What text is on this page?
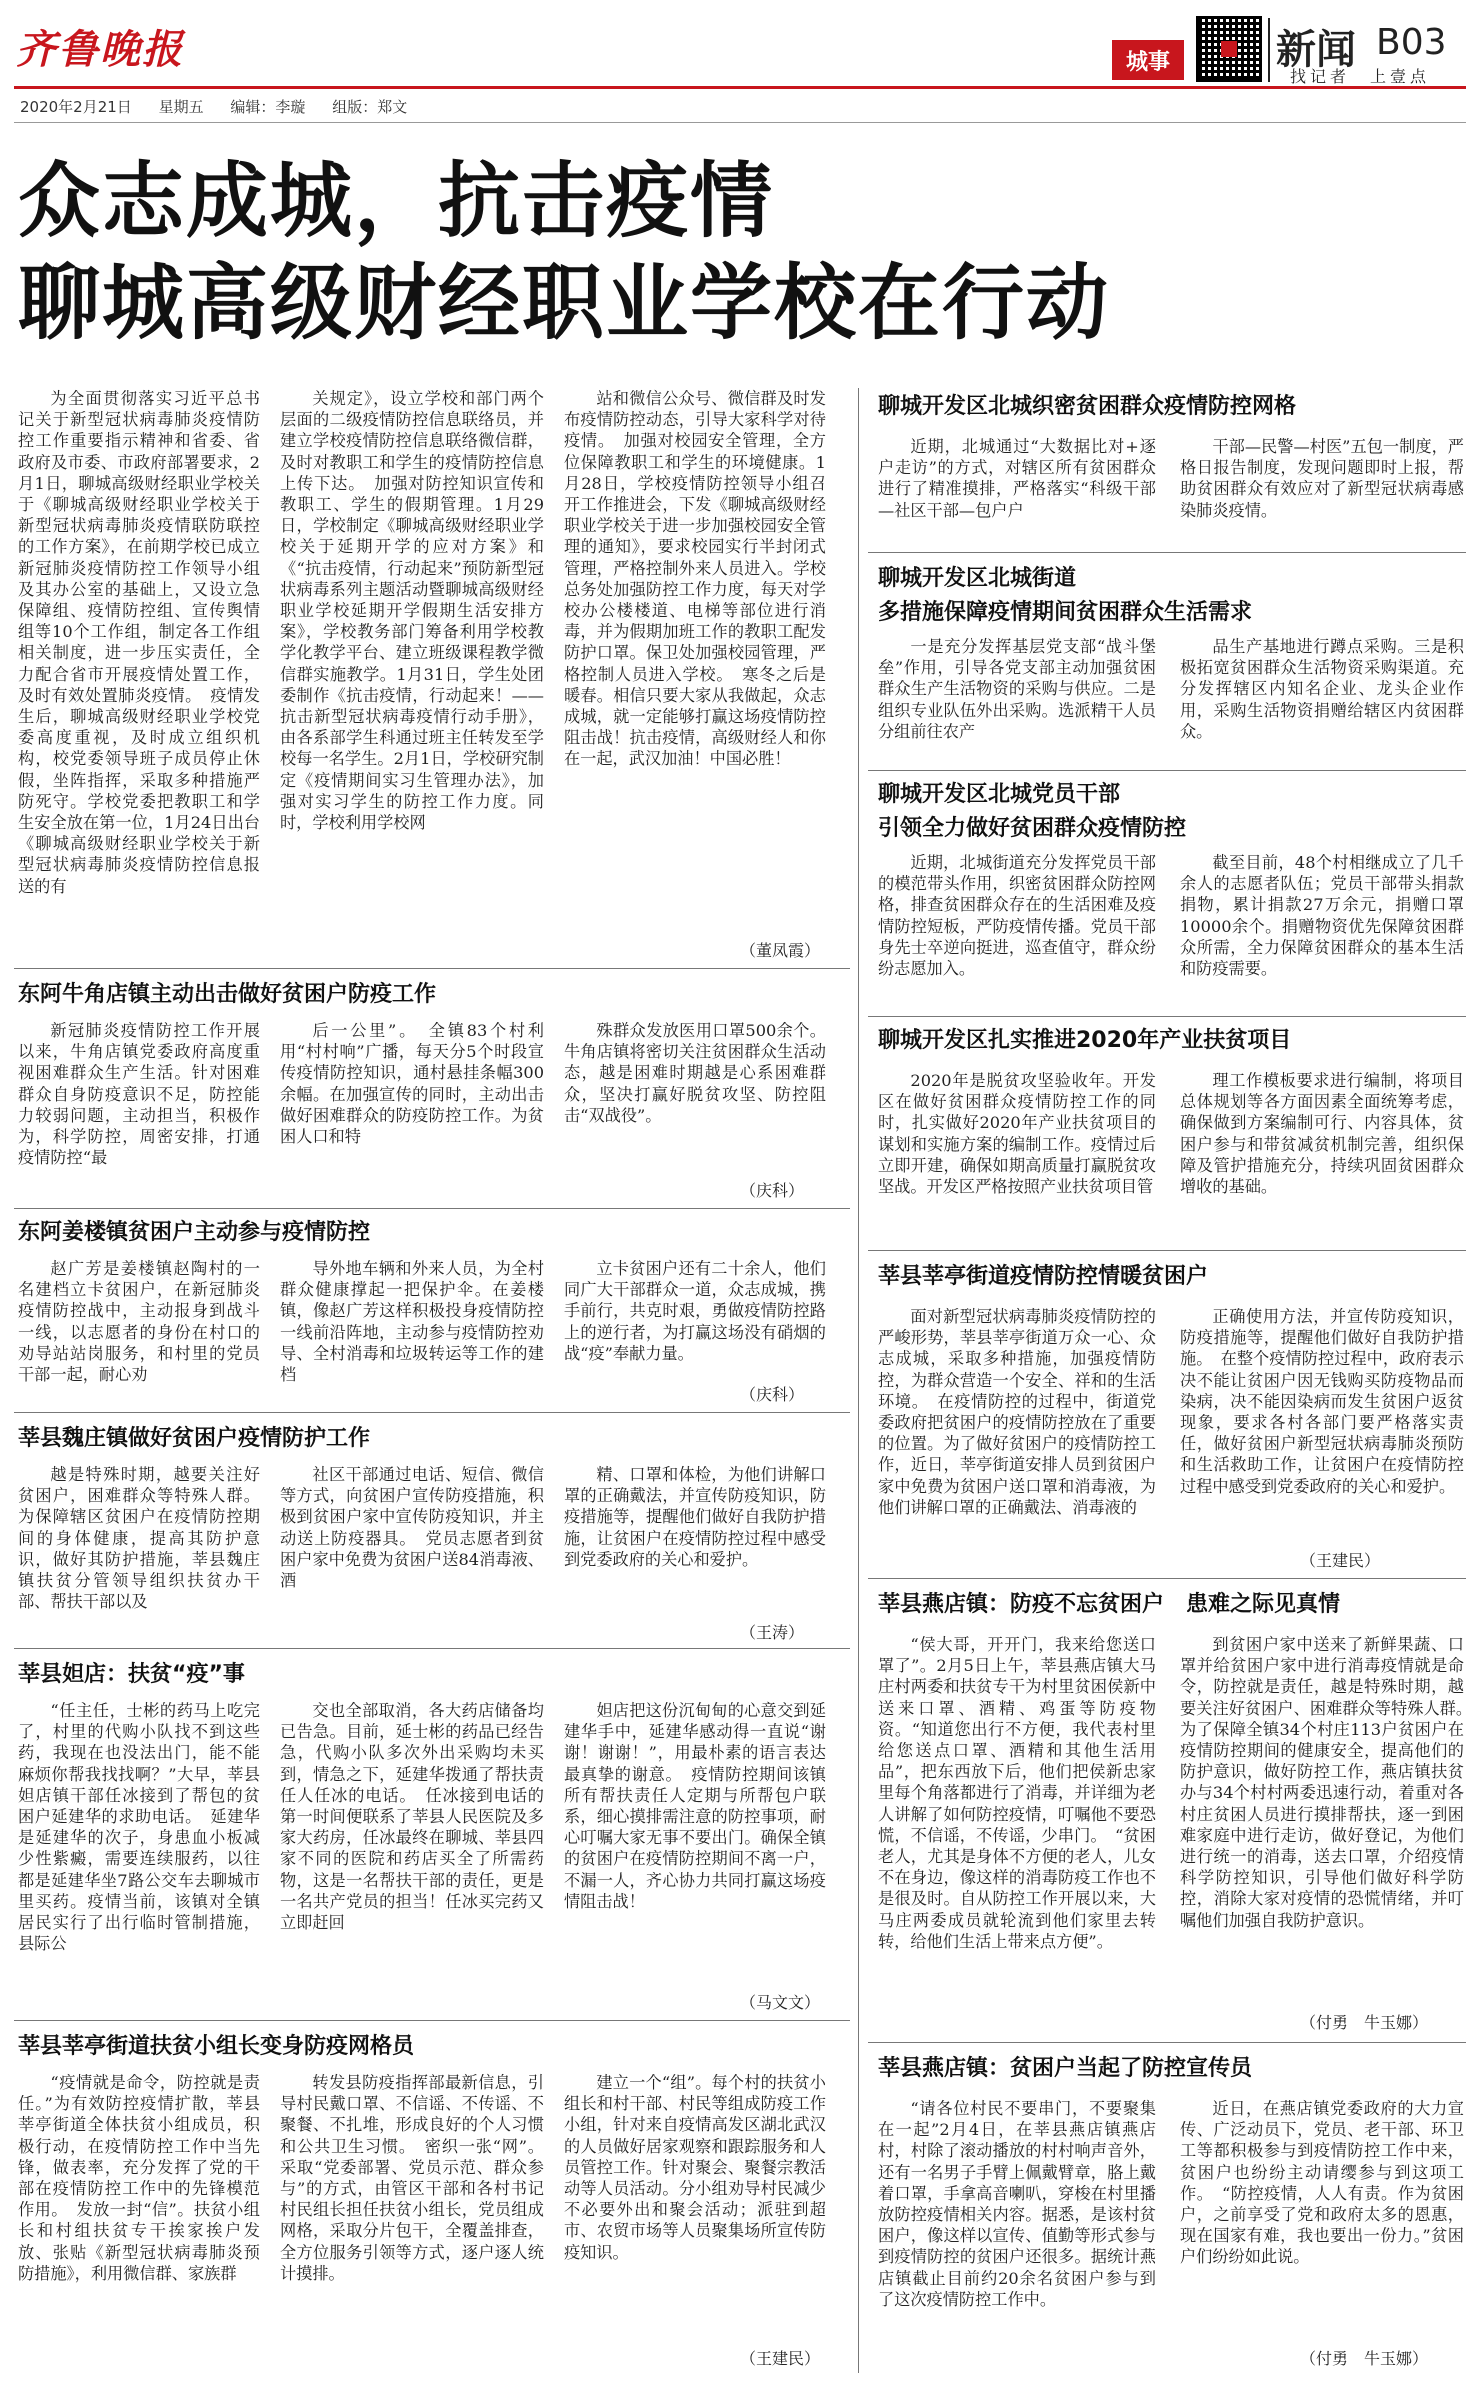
齐鲁晚报	城事	新闻 B03
找记者　上壹点
2020年2月21日 星期五 编辑：李璇 组版：郑文
众志成城，抗击疫情
聊城高级财经职业学校在行动

为全面贯彻落实习近平总书记关于新型冠状病毒肺炎疫情防控工作重要指示精神和省委、省政府及市委、市政府部署要求，2月1日，聊城高级财经职业学校关于《聊城高级财经职业学校关于新型冠状病毒肺炎疫情联防联控的工作方案》，在前期学校已成立新冠肺炎疫情防控工作领导小组及其办公室的基础上，又设立急保障组、疫情防控组、宣传舆情组等10个工作组，制定各工作组相关制度，进一步压实责任，全力配合省市开展疫情处置工作，及时有效处置肺炎疫情。　疫情发生后，聊城高级财经职业学校党委高度重视，及时成立组织机构，校党委领导班子成员停止休假，坐阵指挥，采取多种措施严防死守。学校党委把教职工和学生安全放在第一位，1月24日出台《聊城高级财经职业学校关于新型冠状病毒肺炎疫情防控信息报送的有

关规定》，设立学校和部门两个层面的二级疫情防控信息联络员，并建立学校疫情防控信息联络微信群，及时对教职工和学生的疫情防控信息上传下达。　加强对防控知识宣传和教职工、学生的假期管理。1月29日，学校制定《聊城高级财经职业学校关于延期开学的应对方案》和《“抗击疫情，行动起来”预防新型冠状病毒系列主题活动暨聊城高级财经职业学校延期开学假期生活安排方案》，学校教务部门筹备利用学校教学化教学平台、建立班级课程教学微信群实施教学。1月31日，学生处团委制作《抗击疫情，行动起来！——抗击新型冠状病毒疫情行动手册》，由各系部学生科通过班主任转发至学校每一名学生。2月1日，学校研究制定《疫情期间实习生管理办法》，加强对实习学生的防控工作力度。同时，学校利用学校网

站和微信公众号、微信群及时发布疫情防控动态，引导大家科学对待疫情。　加强对校园安全管理，全方位保障教职工和学生的环境健康。1月28日，学校疫情防控领导小组召开工作推进会，下发《聊城高级财经职业学校关于进一步加强校园安全管理的通知》，要求校园实行半封闭式管理，严格控制外来人员进入。学校总务处加强防控工作力度，每天对学校办公楼楼道、电梯等部位进行消毒，并为假期加班工作的教职工配发防护口罩。保卫处加强校园管理，严格控制人员进入学校。　寒冬之后是暖春。相信只要大家从我做起，众志成城，就一定能够打赢这场疫情防控阻击战！抗击疫情，高级财经人和你在一起，武汉加油！中国必胜！

（董凤霞）
东阿牛角店镇主动出击做好贫困户防疫工作

新冠肺炎疫情防控工作开展以来，牛角店镇党委政府高度重视困难群众生产生活。针对困难群众自身防疫意识不足，防控能力较弱问题，主动担当，积极作为，科学防控，周密安排，打通疫情防控“最

后一公里”。　全镇83个村利用“村村响”广播，每天分5个时段宣传疫情防控知识，通村悬挂条幅300余幅。在加强宣传的同时，主动出击做好困难群众的防疫防控工作。为贫困人口和特

殊群众发放医用口罩500余个。牛角店镇将密切关注贫困群众生活动态，越是困难时期越是心系困难群众，坚决打赢好脱贫攻坚、防控阻击“双战役”。

（庆科）
东阿姜楼镇贫困户主动参与疫情防控

赵广芳是姜楼镇赵陶村的一名建档立卡贫困户，在新冠肺炎疫情防控战中，主动报身到战斗一线，以志愿者的身份在村口的劝导站站岗服务，和村里的党员干部一起，耐心劝

导外地车辆和外来人员，为全村群众健康撑起一把保护伞。在姜楼镇，像赵广芳这样积极投身疫情防控一线前沿阵地，主动参与疫情防控劝导、全村消毒和垃圾转运等工作的建档

立卡贫困户还有二十余人，他们同广大干部群众一道，众志成城，携手前行，共克时艰，勇做疫情防控路上的逆行者，为打赢这场没有硝烟的战“疫”奉献力量。

（庆科）
莘县魏庄镇做好贫困户疫情防护工作

越是特殊时期，越要关注好贫困户，困难群众等特殊人群。为保障辖区贫困户在疫情防控期间的身体健康，提高其防护意识，做好其防护措施，莘县魏庄镇扶贫分管领导组织扶贫办干部、帮扶干部以及

社区干部通过电话、短信、微信等方式，向贫困户宣传防疫措施，积极到贫困户家中宣传防疫知识，并主动送上防疫器具。　党员志愿者到贫困户家中免费为贫困户送84消毒液、酒

精、口罩和体检，为他们讲解口罩的正确戴法，并宣传防疫知识，防疫措施等，提醒他们做好自我防护措施，让贫困户在疫情防控过程中感受到党委政府的关心和爱护。

（王涛）
莘县妲店：扶贫“疫”事

“任主任，士彬的药马上吃完了，村里的代购小队找不到这些药，我现在也没法出门，能不能麻烦你帮我找找啊？”大早，莘县妲店镇干部任冰接到了帮包的贫困户延建华的求助电话。　延建华是延建华的次子，身患血小板减少性紫癜，需要连续服药，以往都是延建华坐7路公交车去聊城市里买药。疫情当前，该镇对全镇居民实行了出行临时管制措施，县际公

交也全部取消，各大药店储备均已告急。目前，延士彬的药品已经告急，代购小队多次外出采购均未买到，情急之下，延建华拨通了帮扶责任人任冰的电话。　任冰接到电话的第一时间便联系了莘县人民医院及多家大药房，任冰最终在聊城、莘县四家不同的医院和药店买全了所需药物，这是一名帮扶干部的责任，更是一名共产党员的担当！任冰买完药又立即赶回

妲店把这份沉甸甸的心意交到延建华手中，延建华感动得一直说“谢谢！谢谢！”，用最朴素的语言表达最真挚的谢意。　疫情防控期间该镇所有帮扶责任人定期与所帮包户联系，细心摸排需注意的防控事项，耐心叮嘱大家无事不要出门。确保全镇的贫困户在疫情防控期间不离一户，不漏一人，齐心协力共同打赢这场疫情阻击战！

（马文文）
莘县莘亭街道扶贫小组长变身防疫网格员

“疫情就是命令，防控就是责任。”为有效防控疫情扩散，莘县莘亭街道全体扶贫小组成员，积极行动，在疫情防控工作中当先锋，做表率，充分发挥了党的干部在疫情防控工作中的先锋模范作用。　发放一封“信”。扶贫小组长和村组扶贫专干挨家挨户发放、张贴《新型冠状病毒肺炎预防措施》，利用微信群、家族群

转发县防疫指挥部最新信息，引导村民戴口罩、不信谣、不传谣、不聚餐、不扎堆，形成良好的个人习惯和公共卫生习惯。　密织一张“网”。采取“党委部署、党员示范、群众参与”的方式，由管区干部和各村书记村民组长担任扶贫小组长，党员组成网格，采取分片包干，全覆盖排查，全方位服务引领等方式，逐户逐人统计摸排。

建立一个“组”。每个村的扶贫小组长和村干部、村民等组成防疫工作小组，针对来自疫情高发区湖北武汉的人员做好居家观察和跟踪服务和人员管控工作。针对聚会、聚餐宗教活动等人员活动。分小组劝导村民减少不必要外出和聚会活动；派驻到超市、农贸市场等人员聚集场所宣传防疫知识。

（王建民）
聊城开发区北城织密贫困群众疫情防控网格

近期，北城通过“大数据比对+逐户走访”的方式，对辖区所有贫困群众进行了精准摸排，严格落实“科级干部—社区干部—包户户

干部—民警—村医”五包一制度，严格日报告制度，发现问题即时上报，帮助贫困群众有效应对了新型冠状病毒感染肺炎疫情。

聊城开发区北城街道
多措施保障疫情期间贫困群众生活需求

一是充分发挥基层党支部“战斗堡垒”作用，引导各党支部主动加强贫困群众生产生活物资的采购与供应。二是组织专业队伍外出采购。选派精干人员分组前往农产

品生产基地进行蹲点采购。三是积极拓宽贫困群众生活物资采购渠道。充分发挥辖区内知名企业、龙头企业作用，采购生活物资捐赠给辖区内贫困群众。

聊城开发区北城党员干部
引领全力做好贫困群众疫情防控

近期，北城街道充分发挥党员干部的模范带头作用，织密贫困群众防控网格，排查贫困群众存在的生活困难及疫情防控短板，严防疫情传播。党员干部身先士卒逆向挺进，巡查值守，群众纷纷志愿加入。

截至目前，48个村相继成立了几千余人的志愿者队伍；党员干部带头捐款捐物，累计捐款27万余元，捐赠口罩10000余个。捐赠物资优先保障贫困群众所需，全力保障贫困群众的基本生活和防疫需要。

聊城开发区扎实推进2020年产业扶贫项目

2020年是脱贫攻坚验收年。开发区在做好贫困群众疫情防控工作的同时，扎实做好2020年产业扶贫项目的谋划和实施方案的编制工作。疫情过后立即开建，确保如期高质量打赢脱贫攻坚战。开发区严格按照产业扶贫项目管

理工作模板要求进行编制，将项目总体规划等各方面因素全面统筹考虑，确保做到方案编制可行、内容具体，贫困户参与和带贫减贫机制完善，组织保障及管护措施充分，持续巩固贫困群众增收的基础。

莘县莘亭街道疫情防控情暖贫困户

面对新型冠状病毒肺炎疫情防控的严峻形势，莘县莘亭街道万众一心、众志成城，采取多种措施，加强疫情防控，为群众营造一个安全、祥和的生活环境。　在疫情防控的过程中，街道党委政府把贫困户的疫情防控放在了重要的位置。为了做好贫困户的疫情防控工作，近日，莘亭街道安排人员到贫困户家中免费为贫困户送口罩和消毒液，为他们讲解口罩的正确戴法、消毒液的

正确使用方法，并宣传防疫知识，防疫措施等，提醒他们做好自我防护措施。　在整个疫情防控过程中，政府表示决不能让贫困户因无钱购买防疫物品而染病，决不能因染病而发生贫困户返贫现象，要求各村各部门要严格落实责任，做好贫困户新型冠状病毒肺炎预防和生活救助工作，让贫困户在疫情防控过程中感受到党委政府的关心和爱护。

（王建民）
莘县燕店镇：防疫不忘贫困户　患难之际见真情

“侯大哥，开开门，我来给您送口罩了”。2月5日上午，莘县燕店镇大马庄村两委和扶贫专干为村里贫困侯新中送来口罩、酒精、鸡蛋等防疫物资。“知道您出行不方便，我代表村里给您送点口罩、酒精和其他生活用品”，把东西放下后，他们把侯新忠家里每个角落都进行了消毒，并详细为老人讲解了如何防控疫情，叮嘱他不要恐慌，不信谣，不传谣，少串门。　“贫困老人，尤其是身体不方便的老人，儿女不在身边，像这样的消毒防疫工作也不是很及时。自从防控工作开展以来，大马庄两委成员就轮流到他们家里去转转，给他们生活上带来点方便”。

到贫困户家中送来了新鲜果蔬、口罩并给贫困户家中进行消毒疫情就是命令，防控就是责任，越是特殊时期，越要关注好贫困户、困难群众等特殊人群。　为了保障全镇34个村庄113户贫困户在疫情防控期间的健康安全，提高他们的防护意识，做好防控工作，燕店镇扶贫办与34个村村两委迅速行动，着重对各村庄贫困人员进行摸排帮扶，逐一到困难家庭中进行走访，做好登记，为他们进行统一的消毒，送去口罩，介绍疫情科学防控知识，引导他们做好科学防控，消除大家对疫情的恐慌情绪，并叮嘱他们加强自我防护意识。

（付勇　牛玉娜）
莘县燕店镇：贫困户当起了防控宣传员

“请各位村民不要串门，不要聚集在一起”2月4日，在莘县燕店镇燕店村，村除了滚动播放的村村响声音外，还有一名男子手臂上佩戴臂章，胳上戴着口罩，手拿高音喇叭，穿梭在村里播放防控疫情相关内容。据悉，是该村贫困户，像这样以宣传、值勤等形式参与到疫情防控的贫困户还很多。据统计燕店镇截止目前约20余名贫困户参与到了这次疫情防控工作中。

近日，在燕店镇党委政府的大力宣传、广泛动员下，党员、老干部、环卫工等都积极参与到疫情防控工作中来，贫困户也纷纷主动请缨参与到这项工作。　“防控疫情，人人有责。作为贫困户，之前享受了党和政府太多的恩惠，现在国家有难，我也要出一份力。”贫困户们纷纷如此说。

（付勇　牛玉娜）
